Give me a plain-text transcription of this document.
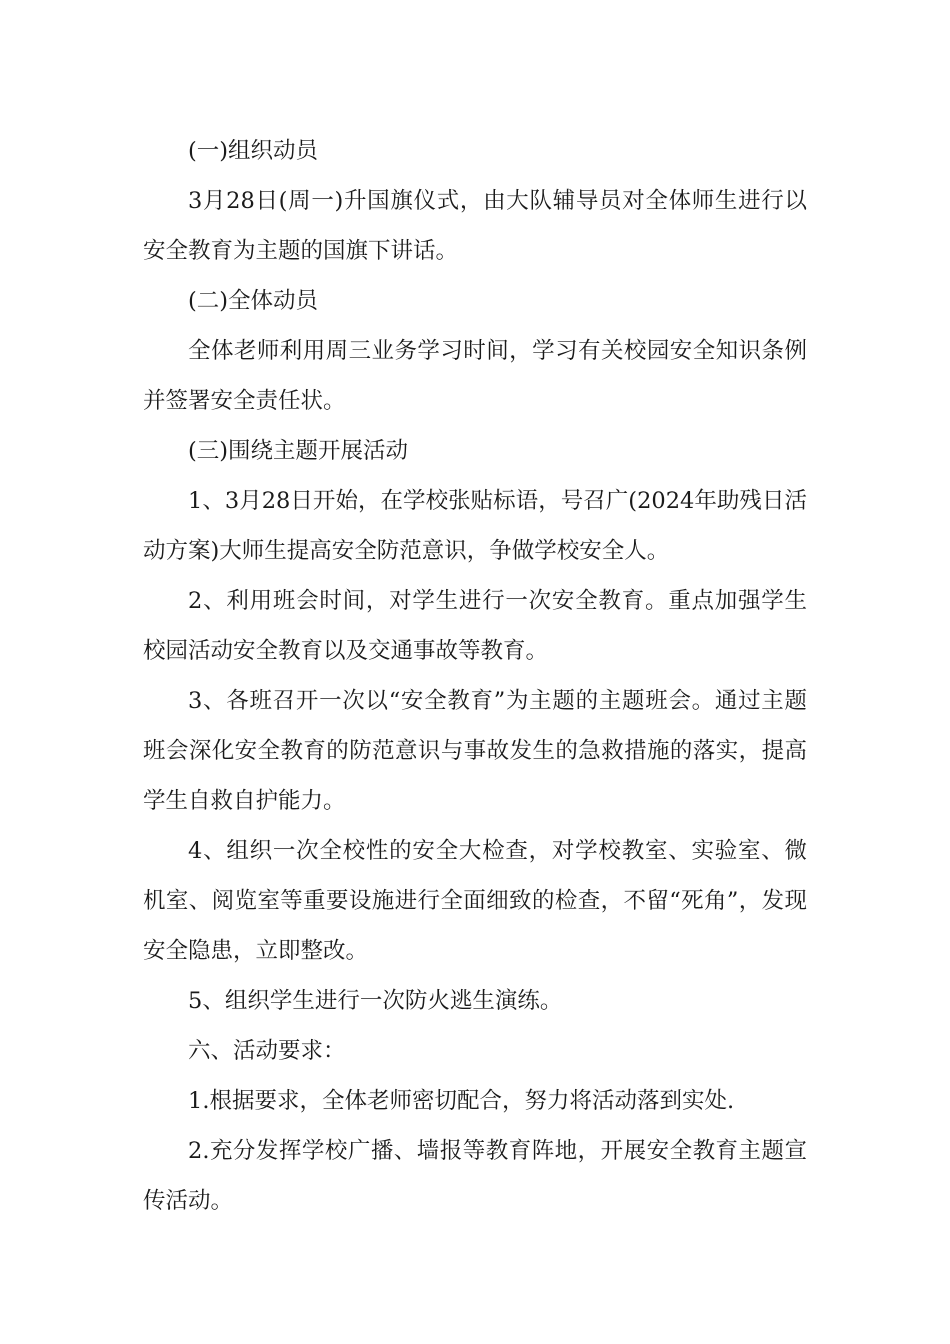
(一)组织动员

3月28日(周一)升国旗仪式，由大队辅导员对全体师生进行以安全教育为主题的国旗下讲话。

(二)全体动员

全体老师利用周三业务学习时间，学习有关校园安全知识条例并签署安全责任状。

(三)围绕主题开展活动

1、3月28日开始，在学校张贴标语，号召广(2024年助残日活动方案)大师生提高安全防范意识，争做学校安全人。

2、利用班会时间，对学生进行一次安全教育。重点加强学生校园活动安全教育以及交通事故等教育。

3、各班召开一次以“安全教育”为主题的主题班会。通过主题班会深化安全教育的防范意识与事故发生的急救措施的落实，提高学生自救自护能力。

4、组织一次全校性的安全大检查，对学校教室、实验室、微机室、阅览室等重要设施进行全面细致的检查，不留“死角”，发现安全隐患，立即整改。

5、组织学生进行一次防火逃生演练。

六、活动要求：

1.根据要求，全体老师密切配合，努力将活动落到实处.

2.充分发挥学校广播、墙报等教育阵地，开展安全教育主题宣传活动。
